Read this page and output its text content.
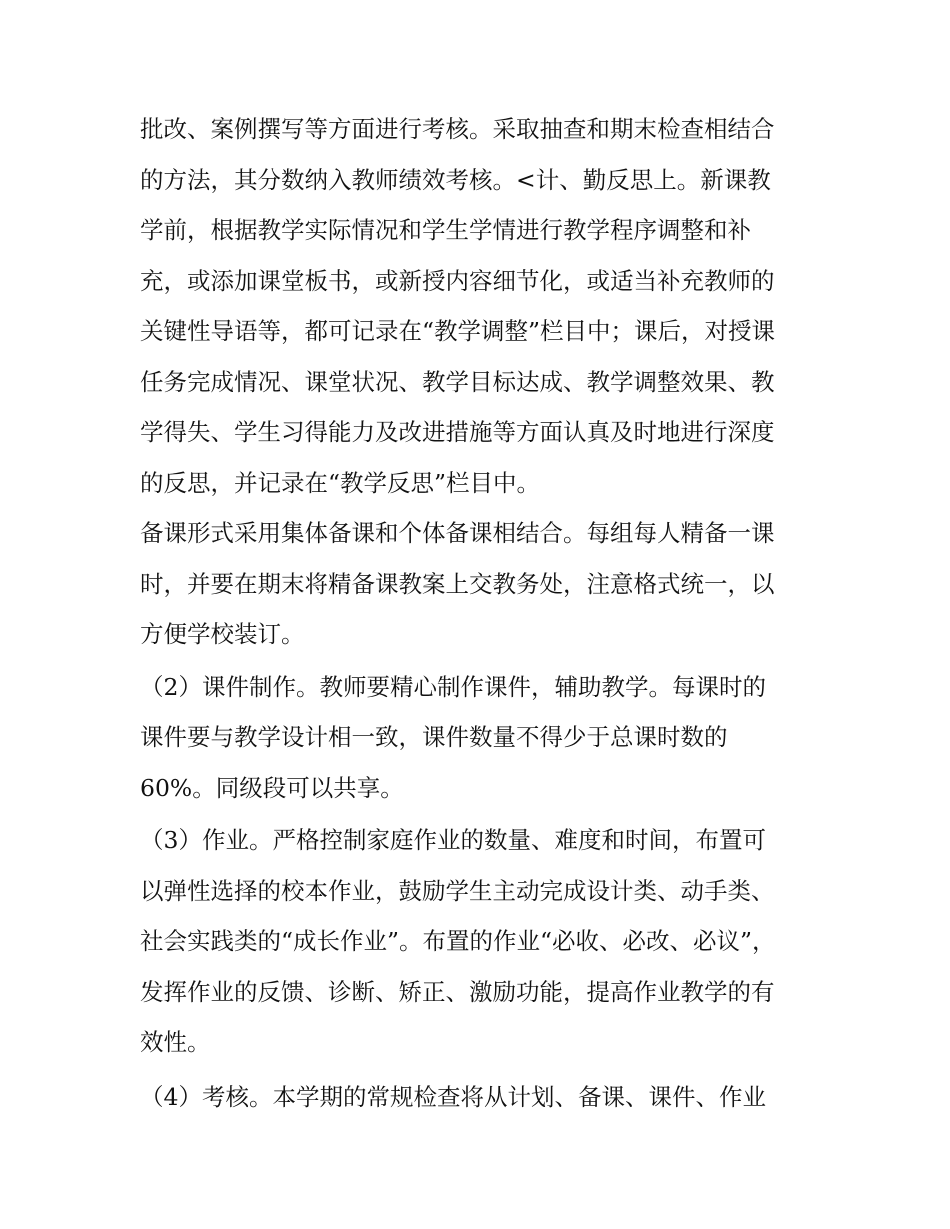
批改、案例撰写等方面进行考核。采取抽查和期末检查相结合
的方法，其分数纳入教师绩效考核。<计、勤反思上。新课教
学前，根据教学实际情况和学生学情进行教学程序调整和补
充，或添加课堂板书，或新授内容细节化，或适当补充教师的
关键性导语等，都可记录在“教学调整”栏目中；课后，对授课
任务完成情况、课堂状况、教学目标达成、教学调整效果、教
学得失、学生习得能力及改进措施等方面认真及时地进行深度
的反思，并记录在“教学反思”栏目中。

备课形式采用集体备课和个体备课相结合。每组每人精备一课
时，并要在期末将精备课教案上交教务处，注意格式统一，以
方便学校装订。

（2）课件制作。教师要精心制作课件，辅助教学。每课时的
课件要与教学设计相一致，课件数量不得少于总课时数的
60%。同级段可以共享。

（3）作业。严格控制家庭作业的数量、难度和时间，布置可
以弹性选择的校本作业，鼓励学生主动完成设计类、动手类、
社会实践类的“成长作业”。布置的作业“必收、必改、必议”，
发挥作业的反馈、诊断、矫正、激励功能，提高作业教学的有
效性。

（4）考核。本学期的常规检查将从计划、备课、课件、作业
